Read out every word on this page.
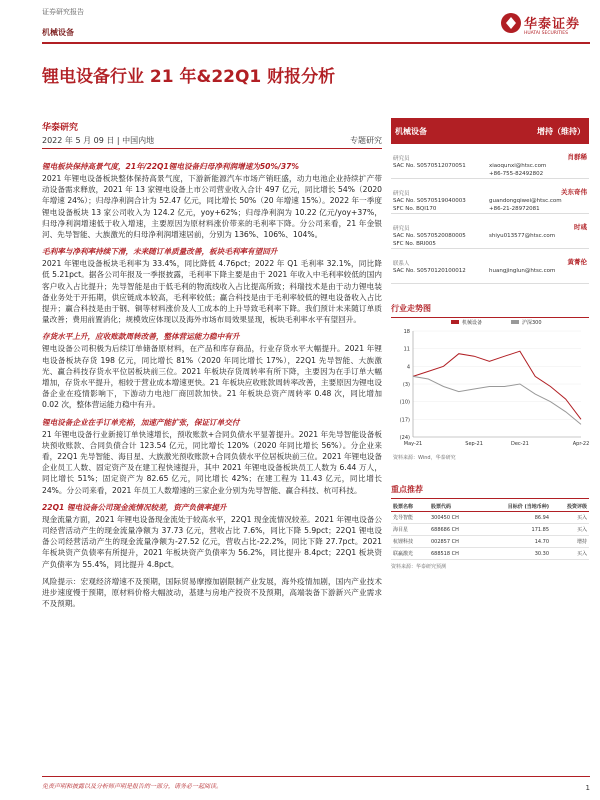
证券研究报告
机械设备
华泰证券
HUATAI SECURITIES
锂电设备行业 21 年&22Q1 财报分析
华泰研究
2022 年 5 月 09 日 | 中国内地	专题研究
锂电板块保持高景气度，21年/22Q1锂电设备归母净利润增速为50%/37%
2021 年锂电设备板块整体保持高景气度，下游新能源汽车市场产销旺盛，动力电池企业持续扩产带动设备需求释放，2021 年 13 家锂电设备上市公司营业收入合计 497 亿元，同比增长 54%（2020 年增速 24%）；归母净利润合计为 52.47 亿元，同比增长 50%（20 年增速 15%）。2022 年一季度锂电设备板块 13 家公司收入为 124.2 亿元，yoy+62%；归母净利润为 10.22 亿元/yoy+37%，归母净利润增速低于收入增速，主要原因为原材料涨价带来的毛利率下降。分公司来看，21 年金银河、先导智能、大族激光的归母净利润增速居前，分别为 136%、106%、104%。
毛利率与净利率持续下滑，未来随订单质量改善，板块毛利率有望回升
2021 年锂电设备板块毛利率为 33.4%，同比降低 4.76pct；2022 年 Q1 毛利率 32.1%，同比降低 5.21pct。据各公司年报及一季报披露，毛利率下降主要是由于 2021 年收入中毛利率较低的国内客户收入占比提升；先导智能是由于低毛利的物流线收入占比提高所致；科瑞技术是由于动力锂电装备业务处于开拓期，供应链成本较高，毛利率较低；赢合科技是由于毛利率较低的锂电设备收入占比提升；赢合科技是由于钢、铜等材料涨价及人工成本的上升导致毛利率下降。我们预计未来随订单质量改善；费用前置消化；规模效应体现以及海外市场布局效果显现，板块毛利率水平有望回升。
存货水平上升，应收账款周转改善，整体营运能力稳中有升
锂电设备公司积极为后续订单储备原材料，在产品和库存商品，行业存货水平大幅提升。2021 年锂电设备板块存货 198 亿元，同比增长 81%（2020 年同比增长 17%），22Q1 先导智能、大族激光、赢合科技存货水平位居板块前三位。2021 年板块存货周转率有所下降，主要因为在手订单大幅增加，存货水平提升，相较于营业成本增速更快。21 年板块应收账款周转率改善，主要原因为锂电设备企业在疫情影响下，下游动力电池厂商回款加快。21 年板块总资产周转率 0.48 次，同比增加 0.02 次，整体营运能力稳中有升。
锂电设备企业在手订单充裕，加速产能扩张，保证订单交付
21 年锂电设备行业新接订单快速增长，预收账款+合同负债水平显著提升。2021 年先导智能设备板块预收账款、合同负债合计 123.54 亿元，同比增长 120%（2020 年同比增长 56%）。分企业来看，22Q1 先导智能、海目星、大族激光预收账款+合同负债水平位居板块前三位。2021 年锂电设备企业员工人数、固定资产及在建工程快速提升，其中 2021 年锂电设备板块员工人数为 6.44 万人，同比增长 51%；固定资产为 82.65 亿元，同比增长 42%；在建工程为 11.43 亿元，同比增长 24%。分公司来看，2021 年员工人数增速的三家企业分别为先导智能、赢合科技、杭可科技。
22Q1 锂电设备公司现金流情况较差，资产负债率提升
现金流量方面，2021 年锂电设备现金流处于较高水平，22Q1 现金流情况较差。2021 年锂电设备公司经营活动产生的现金流量净额为 37.73 亿元，营收占比 7.6%，同比下降 5.9pct；22Q1 锂电设备公司经营活动产生的现金流量净额为-27.52 亿元，营收占比-22.2%，同比下降 27.7pct。2021 年板块资产负债率有所提升，2021 年板块资产负债率为 56.2%，同比提升 8.4pct；22Q1 板块资产负债率为 55.4%，同比提升 4.8pct。
风险提示：宏观经济增速不及预期，国际贸易摩擦加剧限制产业发展，海外疫情加剧，国内产业技术进步速度慢于预期，原材料价格大幅波动，基建与房地产投资不及预期，高端装备下游新兴产业需求不及预期。
机械设备	增持（维持）
研究员	肖群稀
SAC No. S0570512070051	xiaoqunxi@htsc.com
+86-755-82492802
研究员	关东奇伟
SAC No. S0570519040003
SFC No. BQI170
guandongqiwei@htsc.com
+86-21-28972081
研究员	时彧
SAC No. S0570520080005
SFC No. BRI005
shiyu013577@htsc.com
联系人	黄菁伦
SAC No. S0570120100012	huangjinglun@htsc.com
行业走势图
18
11
4
(3)
(10)
(17)
(24)
May-21	Sep-21	Dec-21	Apr-22
机械设备	沪深300
资料来源：Wind，华泰研究
重点推荐
股票名称	股票代码	目标价 (当地币种)	投资评级
先导智能	300450 CH	86.94	买入
海目星	688686 CH	171.85	买入
杭锂科技	002857 CH	14.70	增持
联赢激光	688518 CH	30.30	买入
资料来源：华泰研究预测
免责声明和披露以及分析师声明是报告的一部分，请务必一起阅读。	1
